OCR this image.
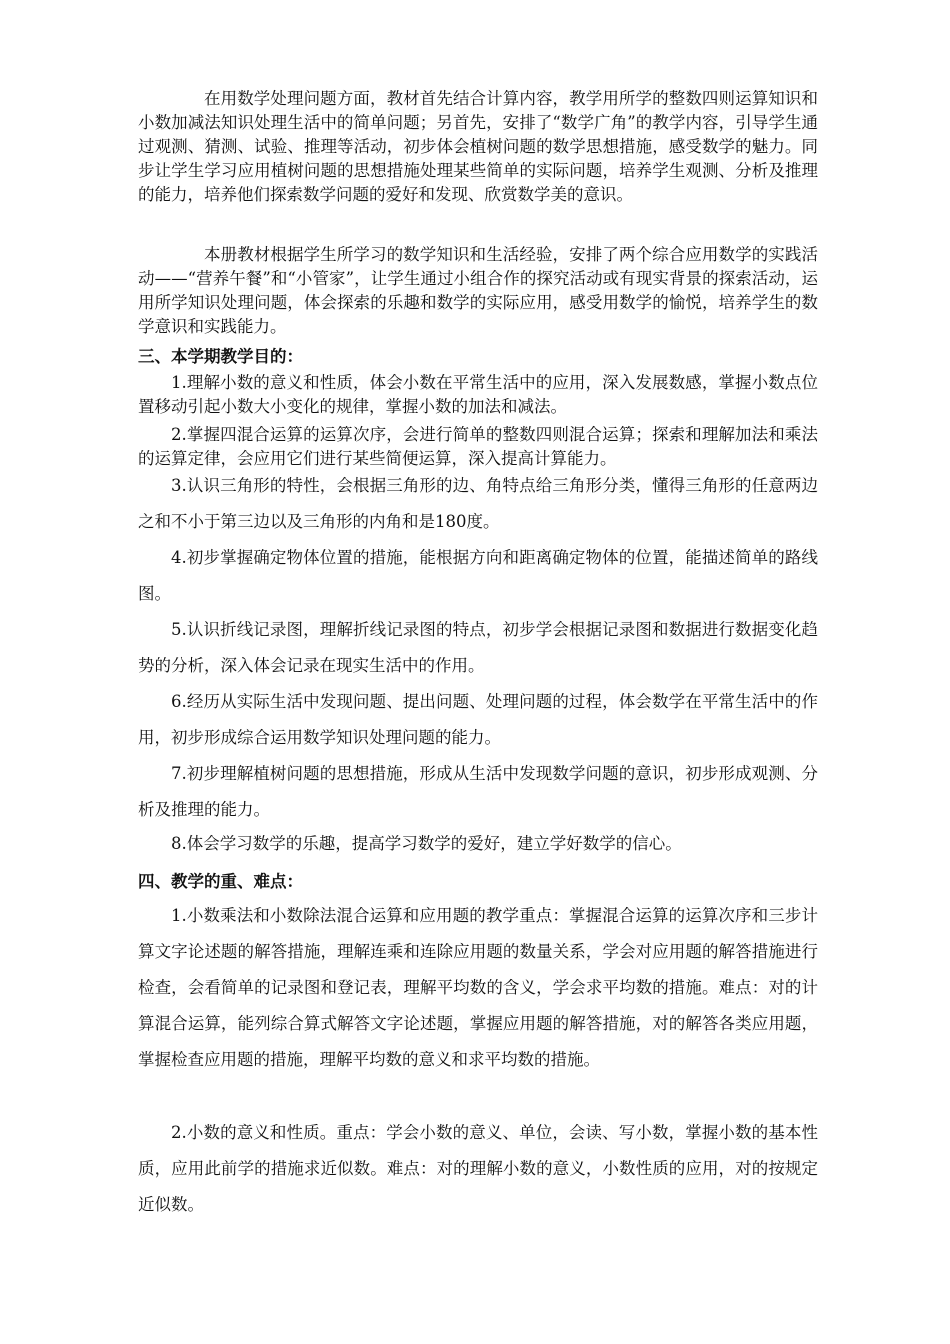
在用数学处理问题方面，教材首先结合计算内容，教学用所学的整数四则运算知识和小数加减法知识处理生活中的简单问题；另首先，安排了“数学广角”的教学内容，引导学生通过观测、猜测、试验、推理等活动，初步体会植树问题的数学思想措施，感受数学的魅力。同步让学生学习应用植树问题的思想措施处理某些简单的实际问题，培养学生观测、分析及推理的能力，培养他们探索数学问题的爱好和发现、欣赏数学美的意识。

本册教材根据学生所学习的数学知识和生活经验，安排了两个综合应用数学的实践活动——“营养午餐”和“小管家”，让学生通过小组合作的探究活动或有现实背景的探索活动，运用所学知识处理问题，体会探索的乐趣和数学的实际应用，感受用数学的愉悦，培养学生的数学意识和实践能力。

三、本学期教学目的：

1.理解小数的意义和性质，体会小数在平常生活中的应用，深入发展数感，掌握小数点位置移动引起小数大小变化的规律，掌握小数的加法和减法。

2.掌握四混合运算的运算次序，会进行简单的整数四则混合运算；探索和理解加法和乘法的运算定律，会应用它们进行某些简便运算，深入提高计算能力。

3.认识三角形的特性，会根据三角形的边、角特点给三角形分类，懂得三角形的任意两边之和不小于第三边以及三角形的内角和是180度。

4.初步掌握确定物体位置的措施，能根据方向和距离确定物体的位置，能描述简单的路线图。

5.认识折线记录图，理解折线记录图的特点，初步学会根据记录图和数据进行数据变化趋势的分析，深入体会记录在现实生活中的作用。

6.经历从实际生活中发现问题、提出问题、处理问题的过程，体会数学在平常生活中的作用，初步形成综合运用数学知识处理问题的能力。

7.初步理解植树问题的思想措施，形成从生活中发现数学问题的意识，初步形成观测、分析及推理的能力。

8.体会学习数学的乐趣，提高学习数学的爱好，建立学好数学的信心。

四、教学的重、难点：

1.小数乘法和小数除法混合运算和应用题的教学重点：掌握混合运算的运算次序和三步计算文字论述题的解答措施，理解连乘和连除应用题的数量关系，学会对应用题的解答措施进行检查，会看简单的记录图和登记表，理解平均数的含义，学会求平均数的措施。难点：对的计算混合运算，能列综合算式解答文字论述题，掌握应用题的解答措施，对的解答各类应用题，掌握检查应用题的措施，理解平均数的意义和求平均数的措施。

2.小数的意义和性质。重点：学会小数的意义、单位，会读、写小数，掌握小数的基本性质，应用此前学的措施求近似数。难点：对的理解小数的意义，小数性质的应用，对的按规定近似数。
